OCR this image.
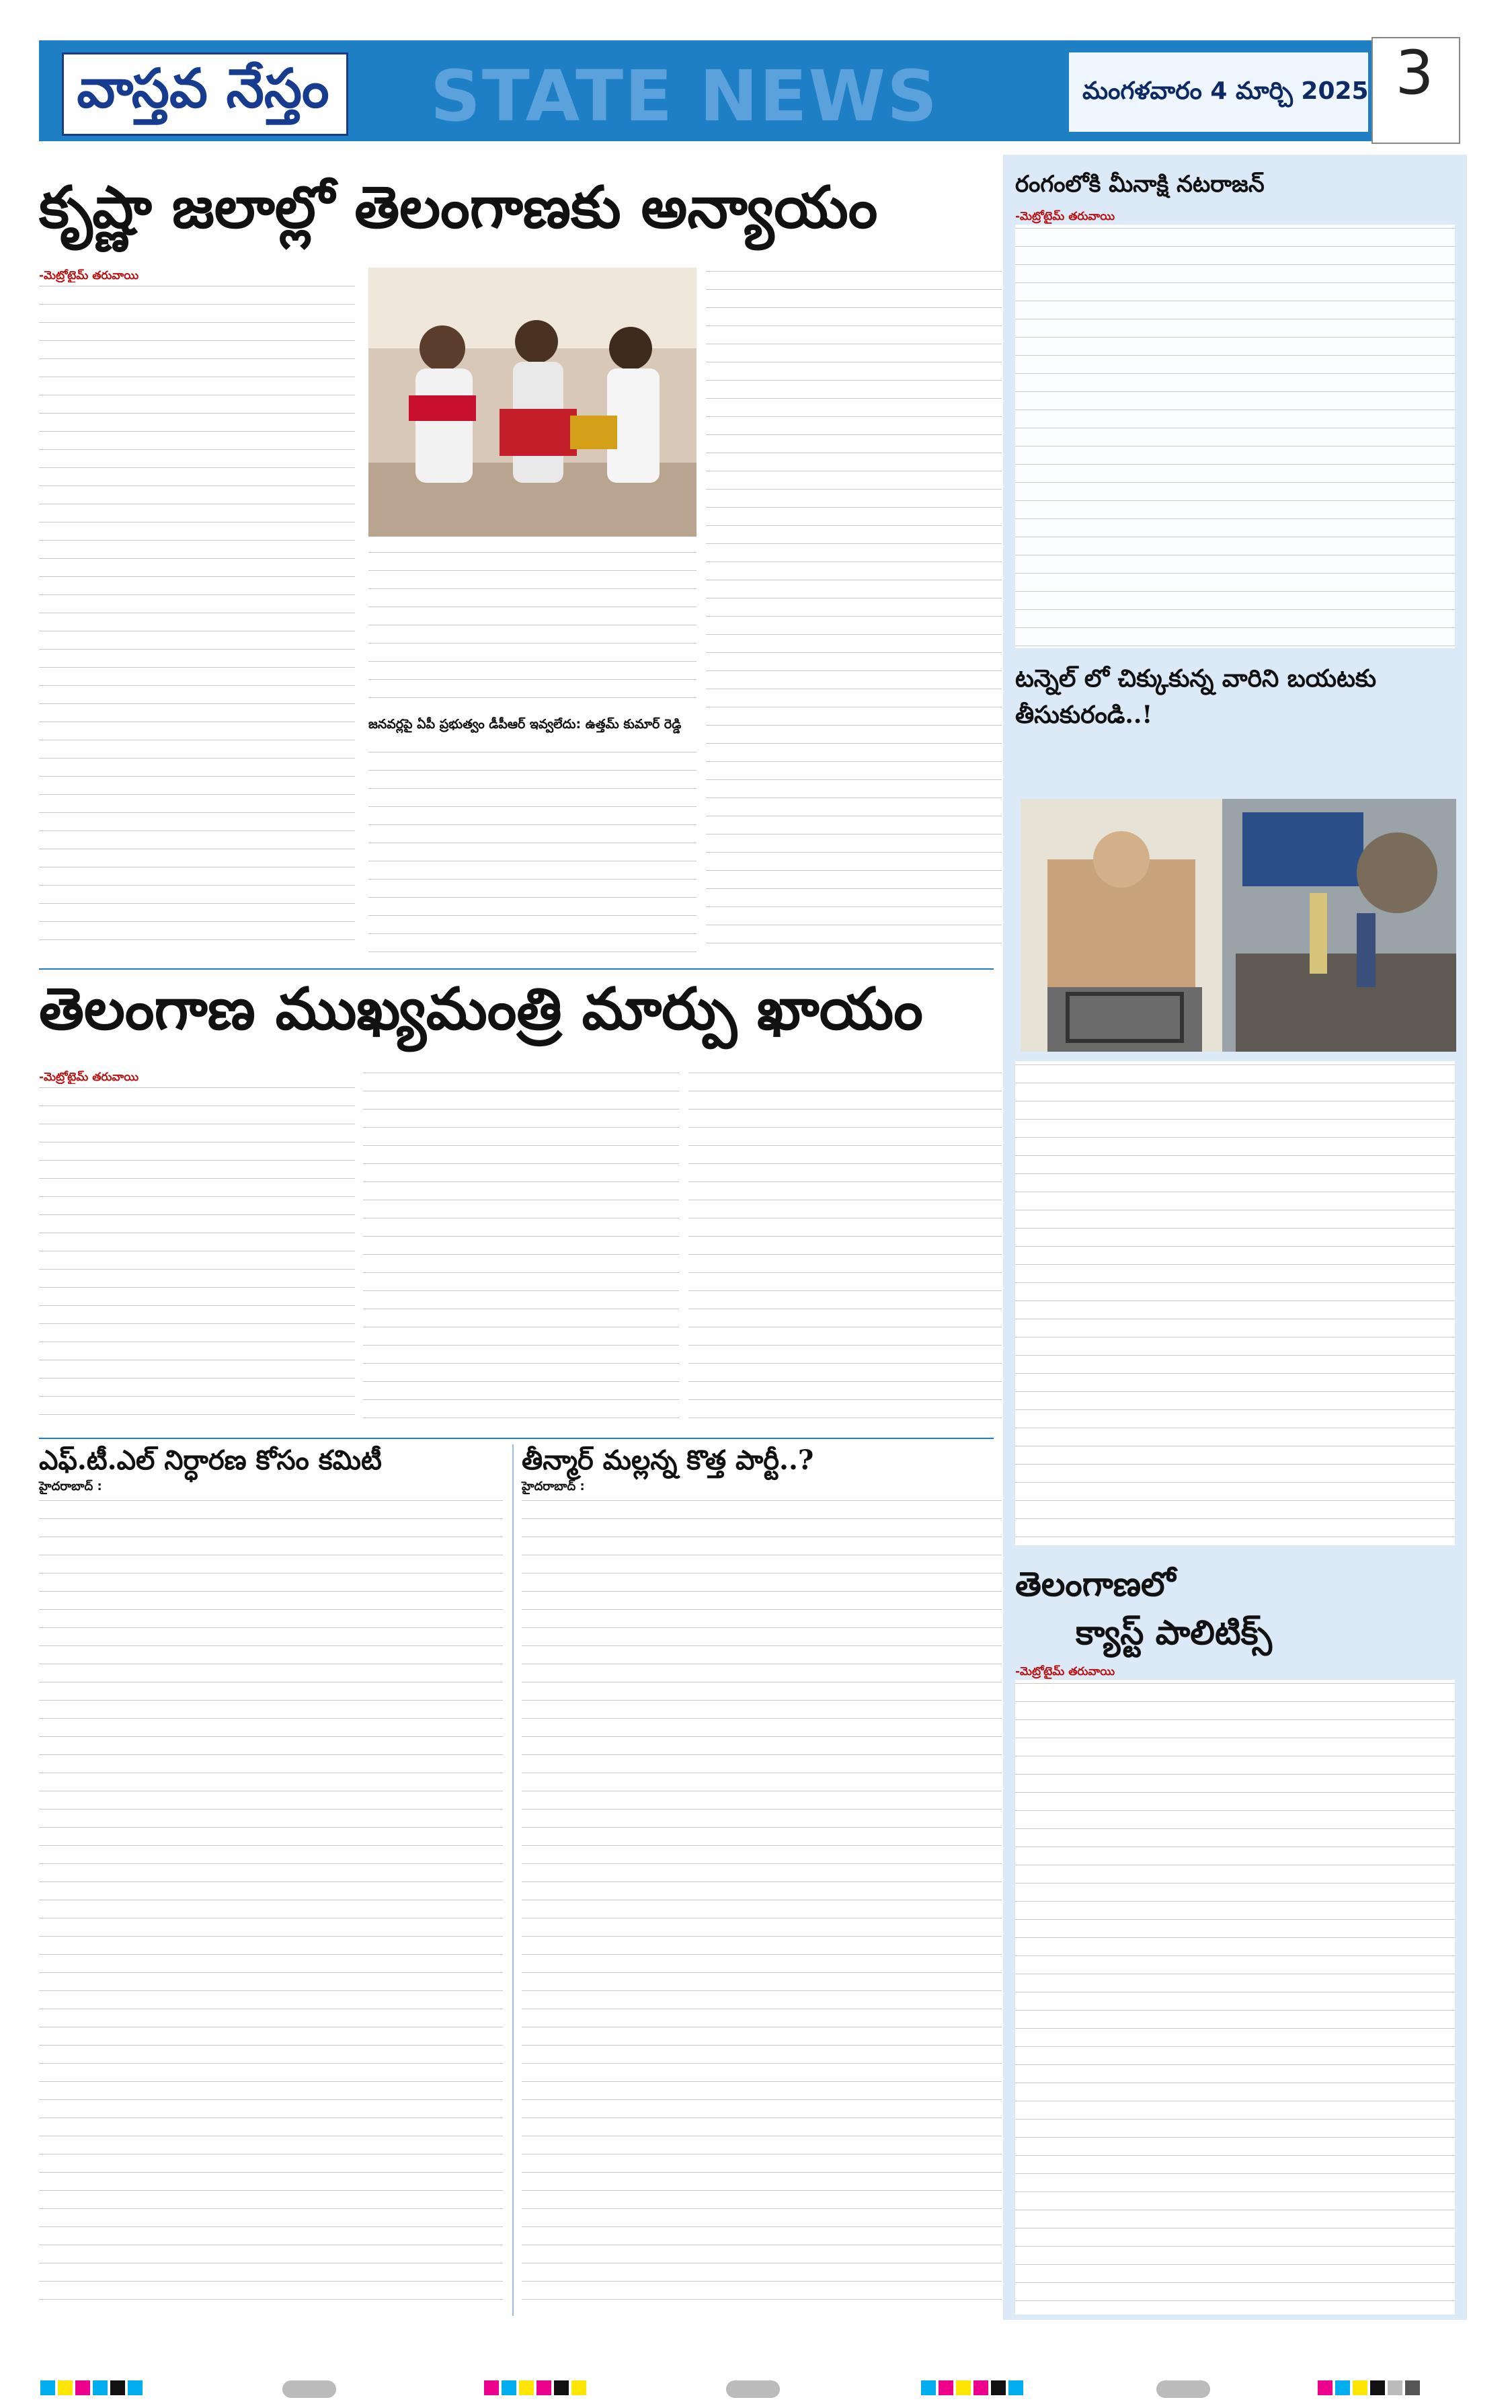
వాస్తవ నేస్తం STATE NEWS	మంగళవారం 4 మార్చి 2025 3
కృష్ణా జలాల్లో తెలంగాణకు అన్యాయం
-మెట్రోటైమ్ తరువాయి
జనవర్లపై ఏపీ ప్రభుత్వం డీపీఆర్ ఇవ్వలేదు: ఉత్తమ్ కుమార్ రెడ్డి
తెలంగాణ ముఖ్యమంత్రి మార్పు ఖాయం
-మెట్రోటైమ్ తరువాయి
ఎఫ్.టీ.ఎల్ నిర్ధారణ కోసం కమిటీ
హైదరాబాద్ :
తీన్మార్ మల్లన్న కొత్త పార్టీ..?
హైదరాబాద్ :
రంగంలోకి మీనాక్షి నటరాజన్
-మెట్రోటైమ్ తరువాయి
టన్నెల్ లో చిక్కుకున్న వారిని బయటకు
తీసుకురండి..!
తెలంగాణలో
క్యాస్ట్ పాలిటిక్స్
-మెట్రోటైమ్ తరువాయి
